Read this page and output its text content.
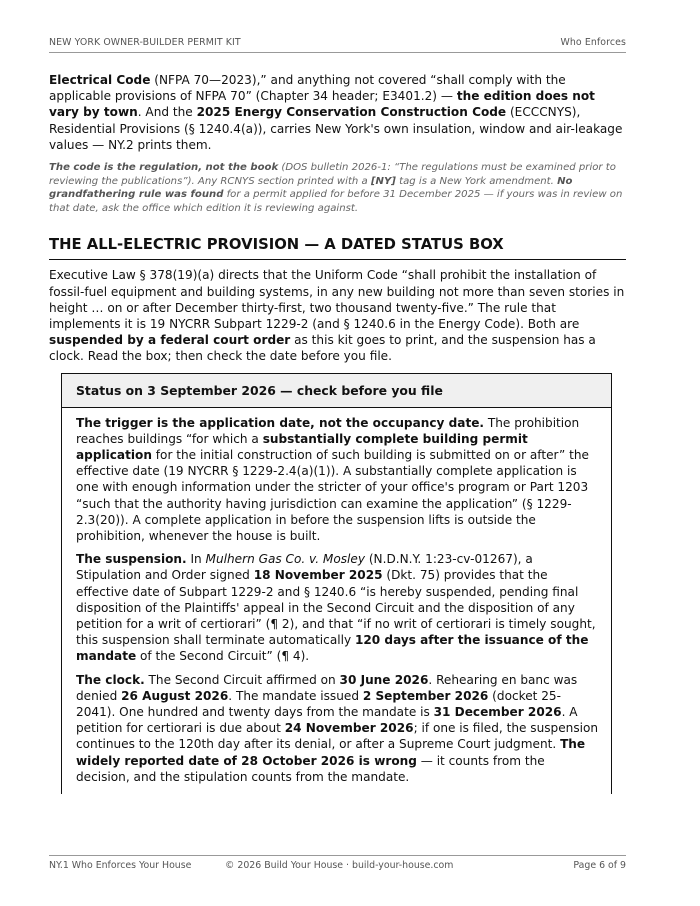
NEW YORK OWNER-BUILDER PERMIT KIT	Who Enforces

Electrical Code (NFPA 70—2023),” and anything not covered “shall comply with the applicable provisions of NFPA 70” (Chapter 34 header; E3401.2) — the edition does not vary by town. And the 2025 Energy Conservation Construction Code (ECCCNYS), Residential Provisions (§ 1240.4(a)), carries New York's own insulation, window and air-leakage values — NY.2 prints them.

The code is the regulation, not the book (DOS bulletin 2026-1: “The regulations must be examined prior to reviewing the publications”). Any RCNYS section printed with a [NY] tag is a New York amendment. No grandfathering rule was found for a permit applied for before 31 December 2025 — if yours was in review on that date, ask the office which edition it is reviewing against.

THE ALL-ELECTRIC PROVISION — A DATED STATUS BOX

Executive Law § 378(19)(a) directs that the Uniform Code “shall prohibit the installation of fossil-fuel equipment and building systems, in any new building not more than seven stories in height … on or after December thirty-first, two thousand twenty-five.” The rule that implements it is 19 NYCRR Subpart 1229-2 (and § 1240.6 in the Energy Code). Both are suspended by a federal court order as this kit goes to print, and the suspension has a clock. Read the box; then check the date before you file.

Status on 3 September 2026 — check before you file

The trigger is the application date, not the occupancy date. The prohibition reaches buildings “for which a substantially complete building permit application for the initial construction of such building is submitted on or after” the effective date (19 NYCRR § 1229-2.4(a)(1)). A substantially complete application is one with enough information under the stricter of your office's program or Part 1203 “such that the authority having jurisdiction can examine the application” (§ 1229-2.3(20)). A complete application in before the suspension lifts is outside the prohibition, whenever the house is built.

The suspension. In Mulhern Gas Co. v. Mosley (N.D.N.Y. 1:23-cv-01267), a Stipulation and Order signed 18 November 2025 (Dkt. 75) provides that the effective date of Subpart 1229-2 and § 1240.6 “is hereby suspended, pending final disposition of the Plaintiffs' appeal in the Second Circuit and the disposition of any petition for a writ of certiorari” (¶ 2), and that “if no writ of certiorari is timely sought, this suspension shall terminate automatically 120 days after the issuance of the mandate of the Second Circuit” (¶ 4).

The clock. The Second Circuit affirmed on 30 June 2026. Rehearing en banc was denied 26 August 2026. The mandate issued 2 September 2026 (docket 25-2041). One hundred and twenty days from the mandate is 31 December 2026. A petition for certiorari is due about 24 November 2026; if one is filed, the suspension continues to the 120th day after its denial, or after a Supreme Court judgment. The widely reported date of 28 October 2026 is wrong — it counts from the decision, and the stipulation counts from the mandate.

NY.1 Who Enforces Your House	© 2026 Build Your House · build-your-house.com	Page 6 of 9
